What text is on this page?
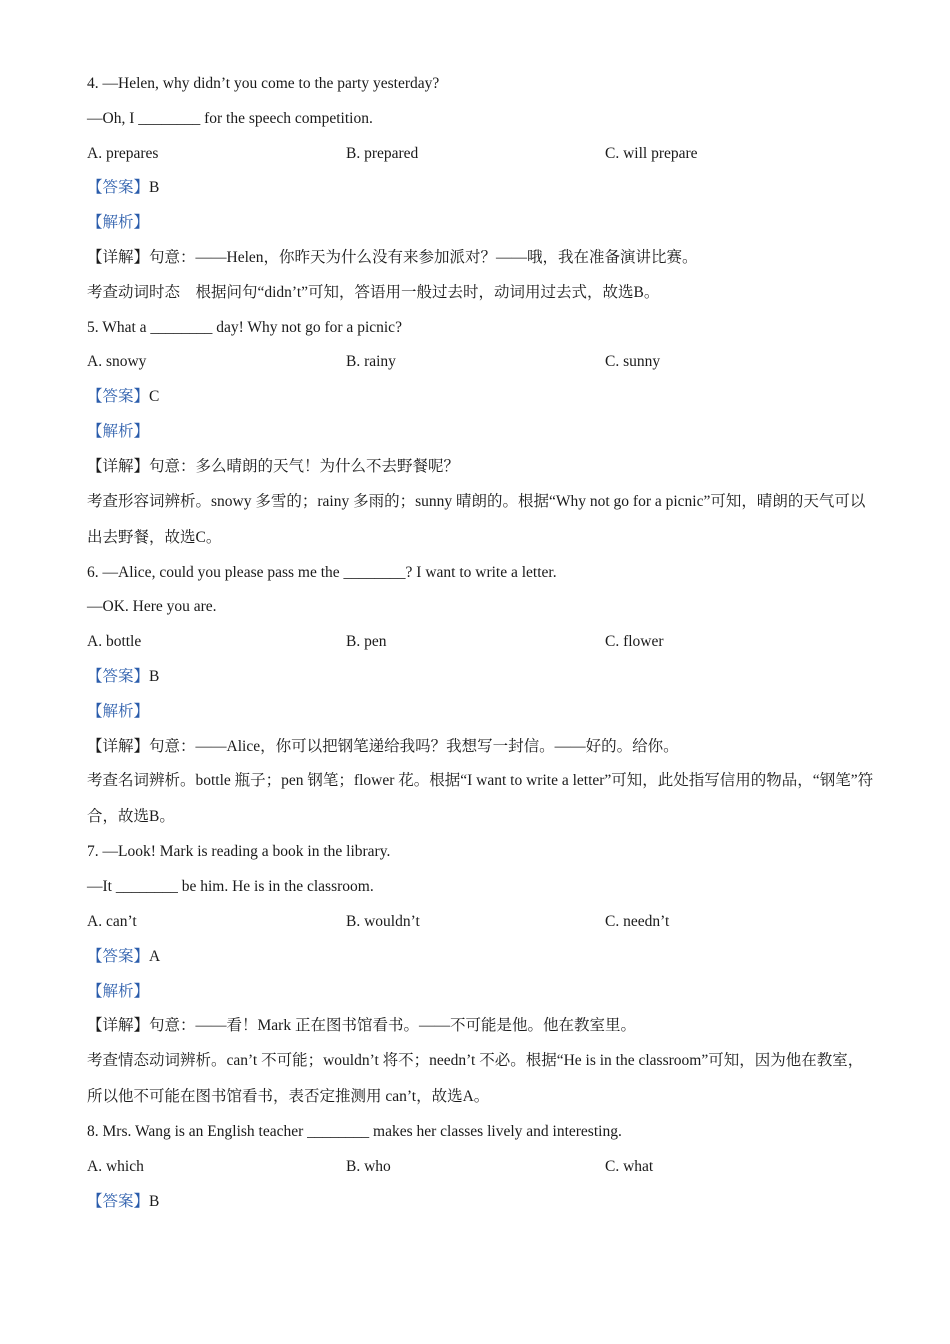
4. —Helen, why didn’t you come to the party yesterday?
—Oh, I ________ for the speech competition.
A. prepares	B. prepared	C. will prepare
【答案】B
【解析】
【详解】句意：——Helen，你昨天为什么没有来参加派对？——哦，我在准备演讲比赛。
考查动词时态　根据问句“didn’t”可知，答语用一般过去时，动词用过去式，故选B。
5. What a ________ day! Why not go for a picnic?
A. snowy	B. rainy	C. sunny
【答案】C
【解析】
【详解】句意：多么晴朗的天气！为什么不去野餐呢？
考查形容词辨析。snowy 多雪的；rainy 多雨的；sunny 晴朗的。根据“Why not go for a picnic”可知，晴朗的天气可以出去野餐，故选C。
6. —Alice, could you please pass me the ________? I want to write a letter.
—OK. Here you are.
A. bottle	B. pen	C. flower
【答案】B
【解析】
【详解】句意：——Alice，你可以把钢笔递给我吗？我想写一封信。——好的。给你。
考查名词辨析。bottle 瓶子；pen 钢笔；flower 花。根据“I want to write a letter”可知，此处指写信用的物品，“钢笔”符合，故选B。
7. —Look! Mark is reading a book in the library.
—It ________ be him. He is in the classroom.
A. can’t	B. wouldn’t	C. needn’t
【答案】A
【解析】
【详解】句意：——看！Mark 正在图书馆看书。——不可能是他。他在教室里。
考查情态动词辨析。can’t 不可能；wouldn’t 将不；needn’t 不必。根据“He is in the classroom”可知，因为他在教室，所以他不可能在图书馆看书，表否定推测用 can’t，故选A。
8. Mrs. Wang is an English teacher ________ makes her classes lively and interesting.
A. which	B. who	C. what
【答案】B
